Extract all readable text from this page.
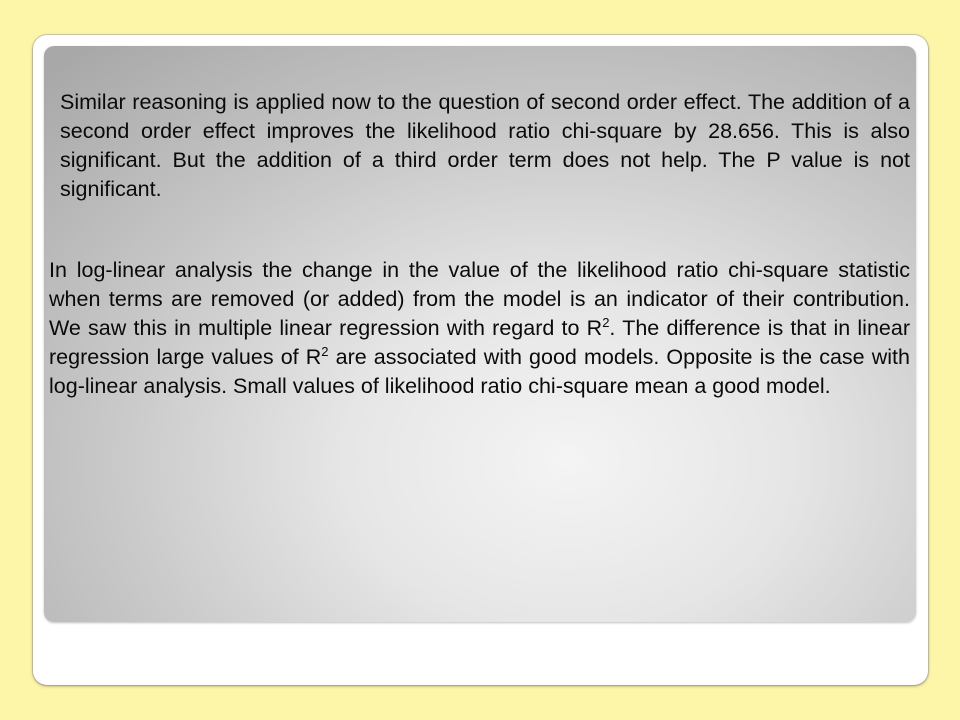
Similar reasoning is applied now to the question of second order effect. The addition of a second order effect improves the likelihood ratio chi-square by 28.656. This is also significant. But the addition of a third order term does not help. The P value is not significant.

In log-linear analysis the change in the value of the likelihood ratio chi-square statistic when terms are removed (or added) from the model is an indicator of their contribution. We saw this in multiple linear regression with regard to $R^2$. The difference is that in linear regression large values of $R^2$ are associated with good models. Opposite is the case with log-linear analysis. Small values of likelihood ratio chi-square mean a good model.
